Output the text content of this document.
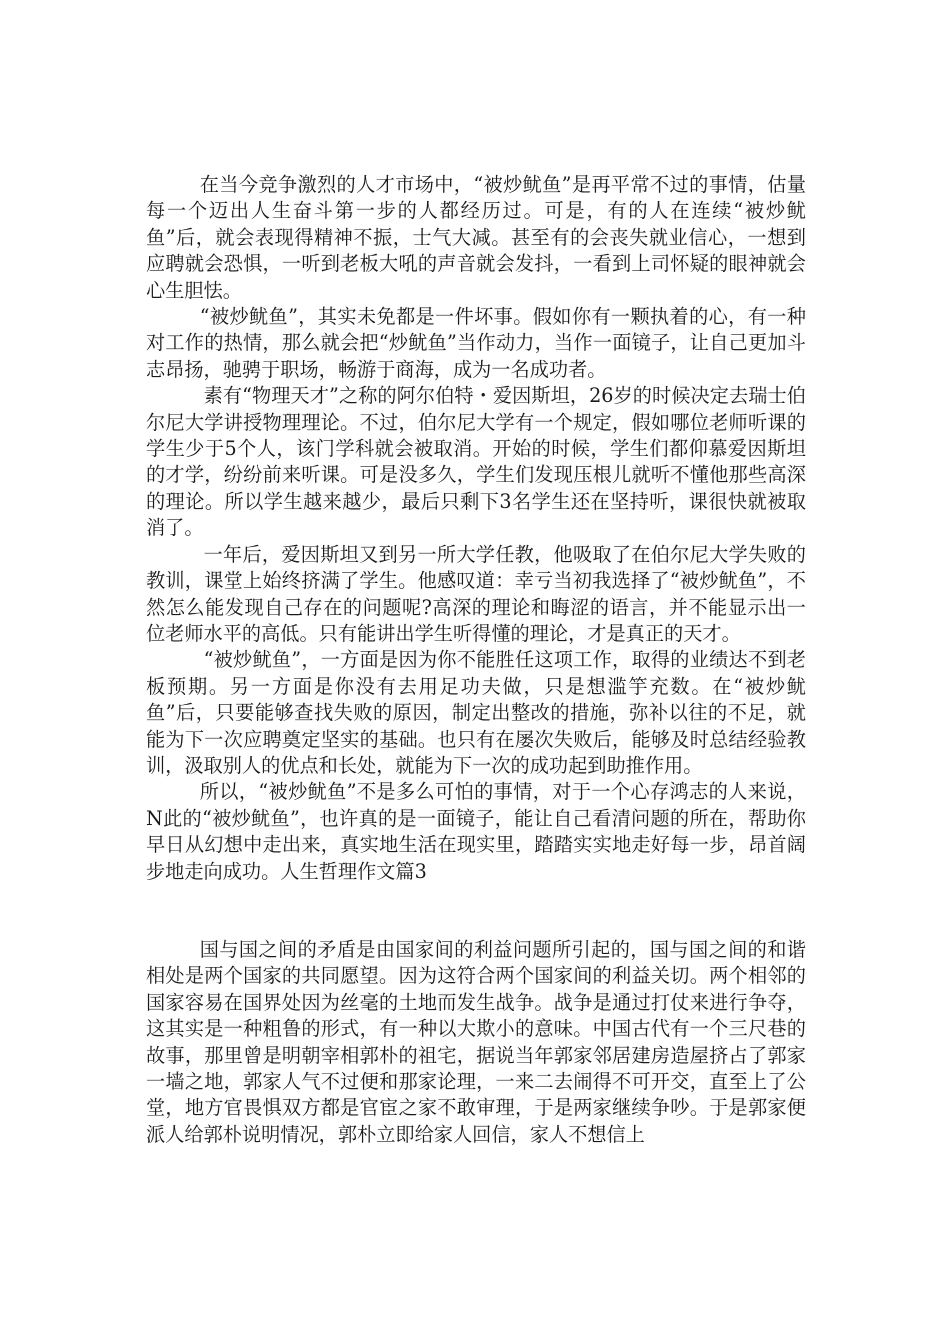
在当今竞争激烈的人才市场中，“被炒鱿鱼”是再平常不过的事情，估量每一个迈出人生奋斗第一步的人都经历过。可是，有的人在连续“被炒鱿鱼”后，就会表现得精神不振，士气大减。甚至有的会丧失就业信心，一想到应聘就会恐惧，一听到老板大吼的声音就会发抖，一看到上司怀疑的眼神就会心生胆怯。

“被炒鱿鱼”，其实未免都是一件坏事。假如你有一颗执着的心，有一种对工作的热情，那么就会把“炒鱿鱼”当作动力，当作一面镜子，让自己更加斗志昂扬，驰骋于职场，畅游于商海，成为一名成功者。

素有“物理天才”之称的阿尔伯特・爱因斯坦，26岁的时候决定去瑞士伯尔尼大学讲授物理理论。不过，伯尔尼大学有一个规定，假如哪位老师听课的学生少于5个人，该门学科就会被取消。开始的时候，学生们都仰慕爱因斯坦的才学，纷纷前来听课。可是没多久，学生们发现压根儿就听不懂他那些高深的理论。所以学生越来越少，最后只剩下3名学生还在坚持听，课很快就被取消了。

一年后，爱因斯坦又到另一所大学任教，他吸取了在伯尔尼大学失败的教训，课堂上始终挤满了学生。他感叹道：幸亏当初我选择了“被炒鱿鱼”，不然怎么能发现自己存在的问题呢?高深的理论和晦涩的语言，并不能显示出一位老师水平的高低。只有能讲出学生听得懂的理论，才是真正的天才。

“被炒鱿鱼”，一方面是因为你不能胜任这项工作，取得的业绩达不到老板预期。另一方面是你没有去用足功夫做，只是想滥竽充数。在“被炒鱿鱼”后，只要能够查找失败的原因，制定出整改的措施，弥补以往的不足，就能为下一次应聘奠定坚实的基础。也只有在屡次失败后，能够及时总结经验教训，汲取别人的优点和长处，就能为下一次的成功起到助推作用。

所以，“被炒鱿鱼”不是多么可怕的事情，对于一个心存鸿志的人来说，N此的“被炒鱿鱼”，也许真的是一面镜子，能让自己看清问题的所在，帮助你早日从幻想中走出来，真实地生活在现实里，踏踏实实地走好每一步，昂首阔步地走向成功。人生哲理作文篇3

国与国之间的矛盾是由国家间的利益问题所引起的，国与国之间的和谐相处是两个国家的共同愿望。因为这符合两个国家间的利益关切。两个相邻的国家容易在国界处因为丝毫的土地而发生战争。战争是通过打仗来进行争夺，这其实是一种粗鲁的形式，有一种以大欺小的意味。中国古代有一个三尺巷的故事，那里曾是明朝宰相郭朴的祖宅，据说当年郭家邻居建房造屋挤占了郭家一墙之地，郭家人气不过便和那家论理，一来二去闹得不可开交，直至上了公堂，地方官畏惧双方都是官宦之家不敢审理，于是两家继续争吵。于是郭家便派人给郭朴说明情况，郭朴立即给家人回信，家人不想信上
